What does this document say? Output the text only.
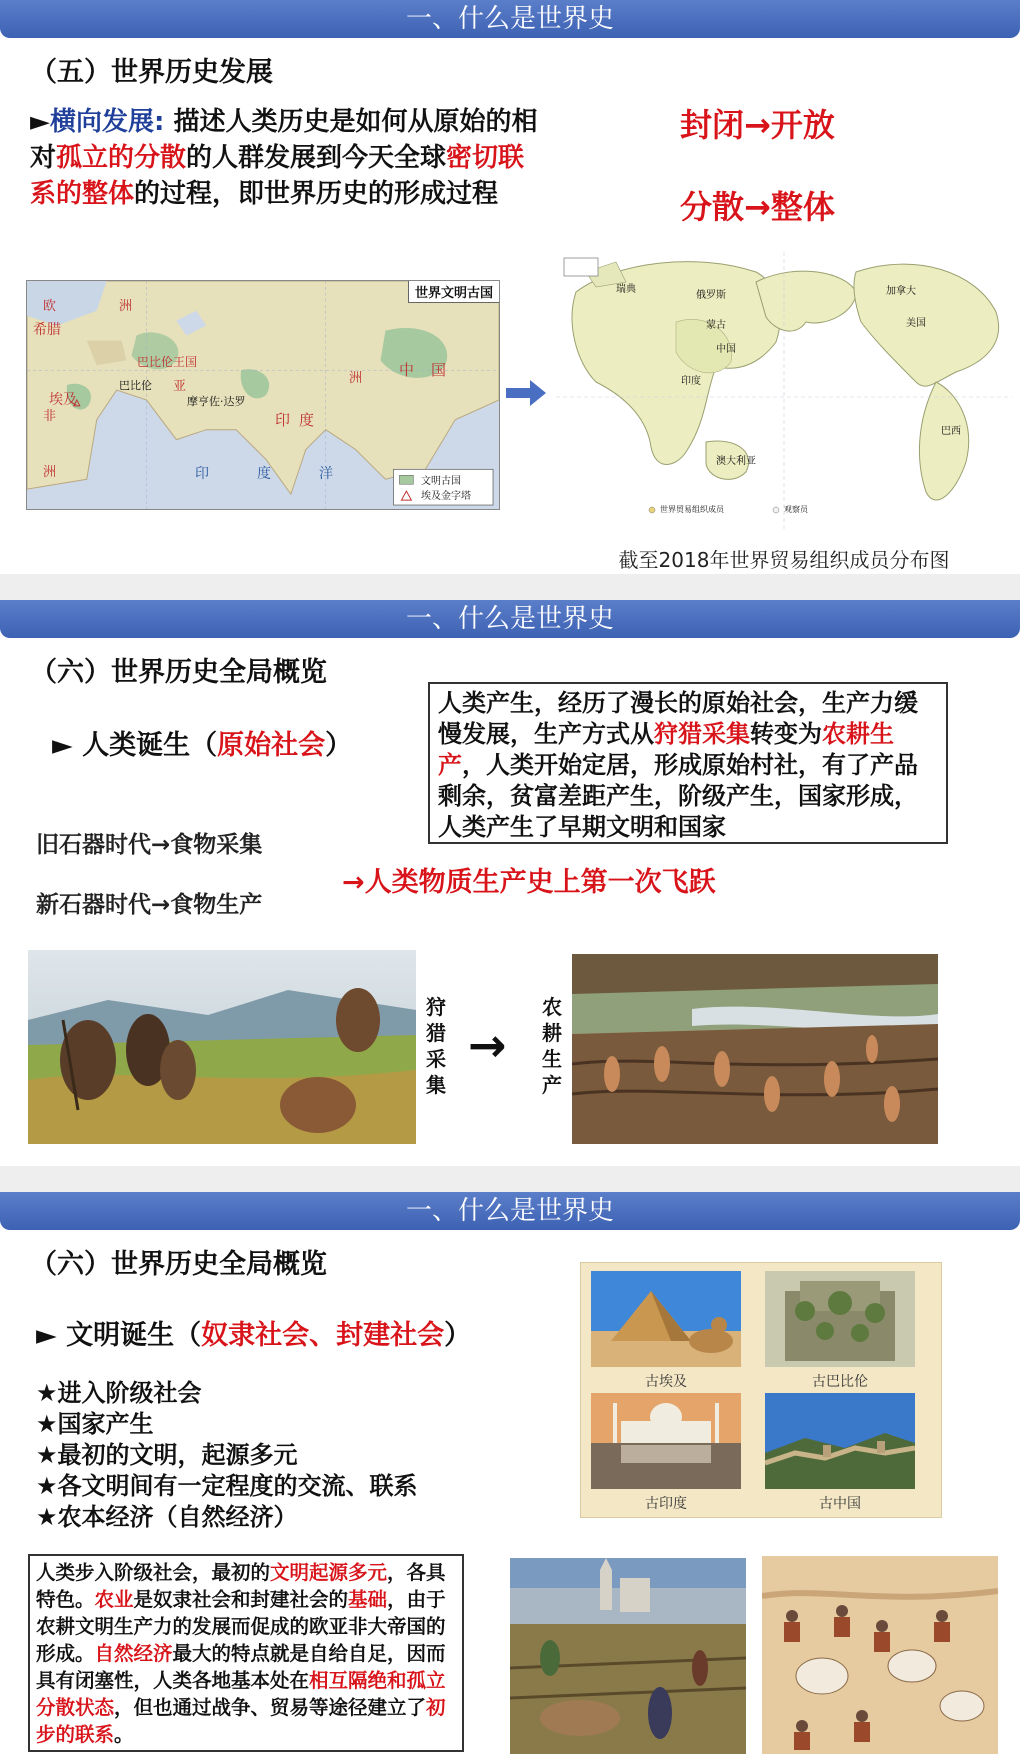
一、什么是世界史
（五）世界历史发展
►横向发展: 描述人类历史是如何从原始的相对孤立的分散的人群发展到今天全球密切联系的整体的过程，即世界历史的形成过程
封闭→开放
分散→整体
世界文明古国
欧	洲
希腊
巴比伦王国
巴比伦
埃及
非
洲
亚
摩亨佐·达罗
印 度
中 国
洲
印	度	洋	文明古国
埃及金字塔
瑞典
俄罗斯
蒙古
中国
印度
美国
巴西
澳大利亚
加拿大
世界贸易组织成员	观察员
截至2018年世界贸易组织成员分布图
一、什么是世界史
（六）世界历史全局概览
► 人类诞生（原始社会）
人类产生，经历了漫长的原始社会，生产力缓慢发展，生产方式从狩猎采集转变为农耕生产，人类开始定居，形成原始村社，有了产品剩余，贫富差距产生，阶级产生，国家形成，人类产生了早期文明和国家
旧石器时代→食物采集
新石器时代→食物生产
→人类物质生产史上第一次飞跃
狩
猎
采
集
→
农
耕
生
产
一、什么是世界史
（六）世界历史全局概览
► 文明诞生（奴隶社会、封建社会）
★进入阶级社会
★国家产生
★最初的文明，起源多元
★各文明间有一定程度的交流、联系
★农本经济（自然经济）
古埃及	古巴比伦
古印度	古中国
人类步入阶级社会，最初的文明起源多元，各具特色。农业是奴隶社会和封建社会的基础，由于农耕文明生产力的发展而促成的欧亚非大帝国的形成。自然经济最大的特点就是自给自足，因而具有闭塞性，人类各地基本处在相互隔绝和孤立分散状态，但也通过战争、贸易等途径建立了初步的联系。
